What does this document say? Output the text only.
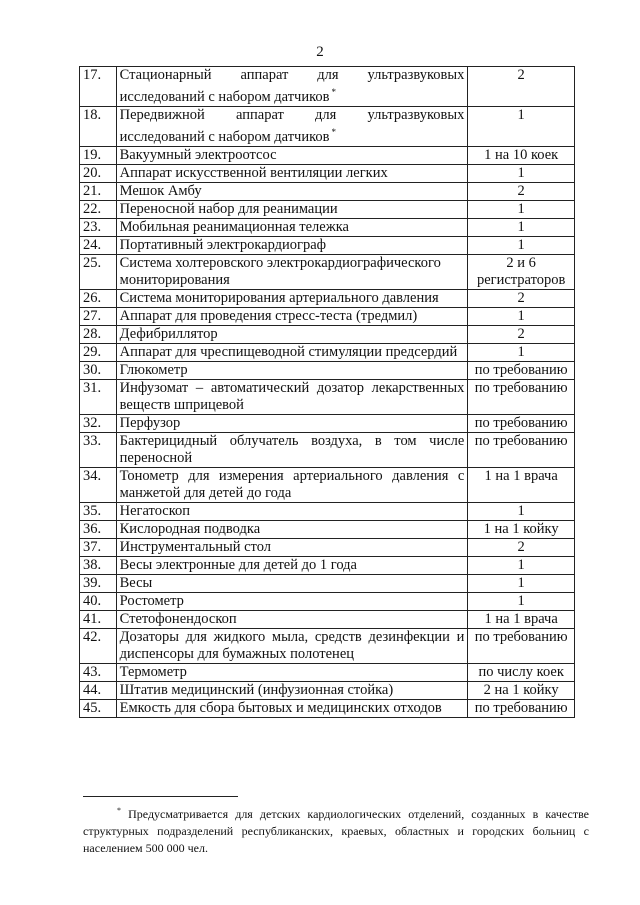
2
17.	Стационарный аппарат для ультразвуковых исследований с набором датчиков *	2
18.	Передвижной аппарат для ультразвуковых исследований с набором датчиков *	1
19.	Вакуумный электроотсос	1 на 10 коек
20.	Аппарат искусственной вентиляции легких	1
21.	Мешок Амбу	2
22.	Переносной набор для реанимации	1
23.	Мобильная реанимационная тележка	1
24.	Портативный электрокардиограф	1
25.	Система холтеровского электрокардиографического мониторирования	2 и 6 регистраторов
26.	Система мониторирования артериального давления	2
27.	Аппарат для проведения стресс-теста (тредмил)	1
28.	Дефибриллятор	2
29.	Аппарат для чреспищеводной стимуляции предсердий	1
30.	Глюкометр	по требованию
31.	Инфузомат – автоматический дозатор лекарственных веществ шприцевой	по требованию
32.	Перфузор	по требованию
33.	Бактерицидный облучатель воздуха, в том числе переносной	по требованию
34.	Тонометр для измерения артериального давления с манжетой для детей до года	1 на 1 врача
35.	Негатоскоп	1
36.	Кислородная подводка	1 на 1 койку
37.	Инструментальный стол	2
38.	Весы электронные для детей до 1 года	1
39.	Весы	1
40.	Ростометр	1
41.	Стетофонендоскоп	1 на 1 врача
42.	Дозаторы для жидкого мыла, средств дезинфекции и диспенсоры для бумажных полотенец	по требованию
43.	Термометр	по числу коек
44.	Штатив медицинский (инфузионная стойка)	2 на 1 койку
45.	Емкость для сбора бытовых и медицинских отходов	по требованию
* Предусматривается для детских кардиологических отделений, созданных в качестве структурных подразделений республиканских, краевых, областных и городских больниц с населением 500 000 чел.
